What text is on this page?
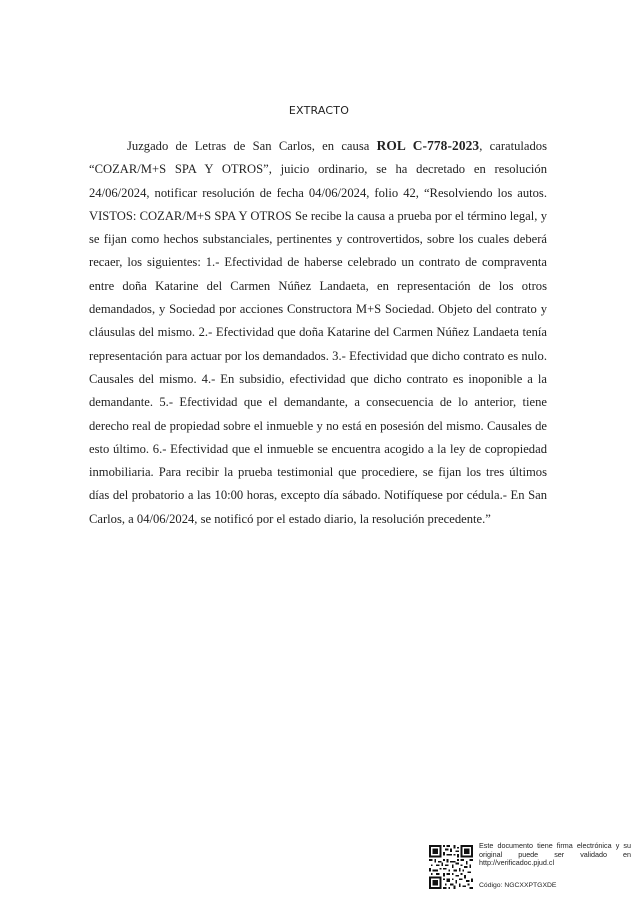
EXTRACTO
Juzgado de Letras de San Carlos, en causa ROL C-778-2023, caratulados “COZAR/M+S SPA Y OTROS”, juicio ordinario, se ha decretado en resolución 24/06/2024, notificar resolución de fecha 04/06/2024, folio 42, “Resolviendo los autos. VISTOS: COZAR/M+S SPA Y OTROS Se recibe la causa a prueba por el término legal, y se fijan como hechos substanciales, pertinentes y controvertidos, sobre los cuales deberá recaer, los siguientes: 1.- Efectividad de haberse celebrado un contrato de compraventa entre doña Katarine del Carmen Núñez Landaeta, en representación de los otros demandados, y Sociedad por acciones Constructora M+S Sociedad. Objeto del contrato y cláusulas del mismo. 2.- Efectividad que doña Katarine del Carmen Núñez Landaeta tenía representación para actuar por los demandados. 3.- Efectividad que dicho contrato es nulo. Causales del mismo. 4.- En subsidio, efectividad que dicho contrato es inoponible a la demandante. 5.- Efectividad que el demandante, a consecuencia de lo anterior, tiene derecho real de propiedad sobre el inmueble y no está en posesión del mismo. Causales de esto último. 6.- Efectividad que el inmueble se encuentra acogido a la ley de copropiedad inmobiliaria. Para recibir la prueba testimonial que procediere, se fijan los tres últimos días del probatorio a las 10:00 horas, excepto día sábado. Notifíquese por cédula.- En San Carlos, a 04/06/2024, se notificó por el estado diario, la resolución precedente.”
Este documento tiene firma electrónica y su original puede ser validado en http://verificadoc.pjud.cl
Código: NGCXXPTGXDE
